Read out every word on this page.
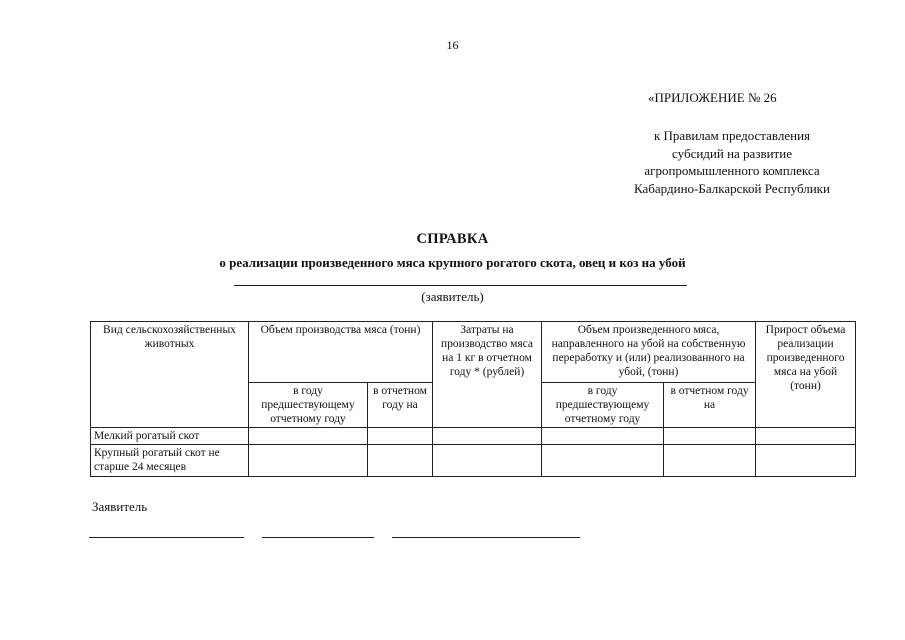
16
«ПРИЛОЖЕНИЕ № 26
к Правилам предоставления
субсидий на развитие
агропромышленного комплекса
Кабардино-Балкарской Республики
СПРАВКА
о реализации произведенного мяса крупного рогатого скота, овец и коз на убой
(заявитель)
Вид сельскохозяйственных животных	Объем производства мяса (тонн)		Затраты на производство мяса на 1 кг в отчетном году * (рублей)	Объем произведенного мяса, направленного на убой на собственную переработку и (или) реализованного на убой, (тонн)		Прирост объема реализации произведенного мяса на убой (тонн)
	в году предшествующему отчетному году	в отчетном году на		в году предшествующему отчетному году	в отчетном году на	
Мелкий рогатый скот						
Крупный рогатый скот не старше 24 месяцев						
Заявитель
